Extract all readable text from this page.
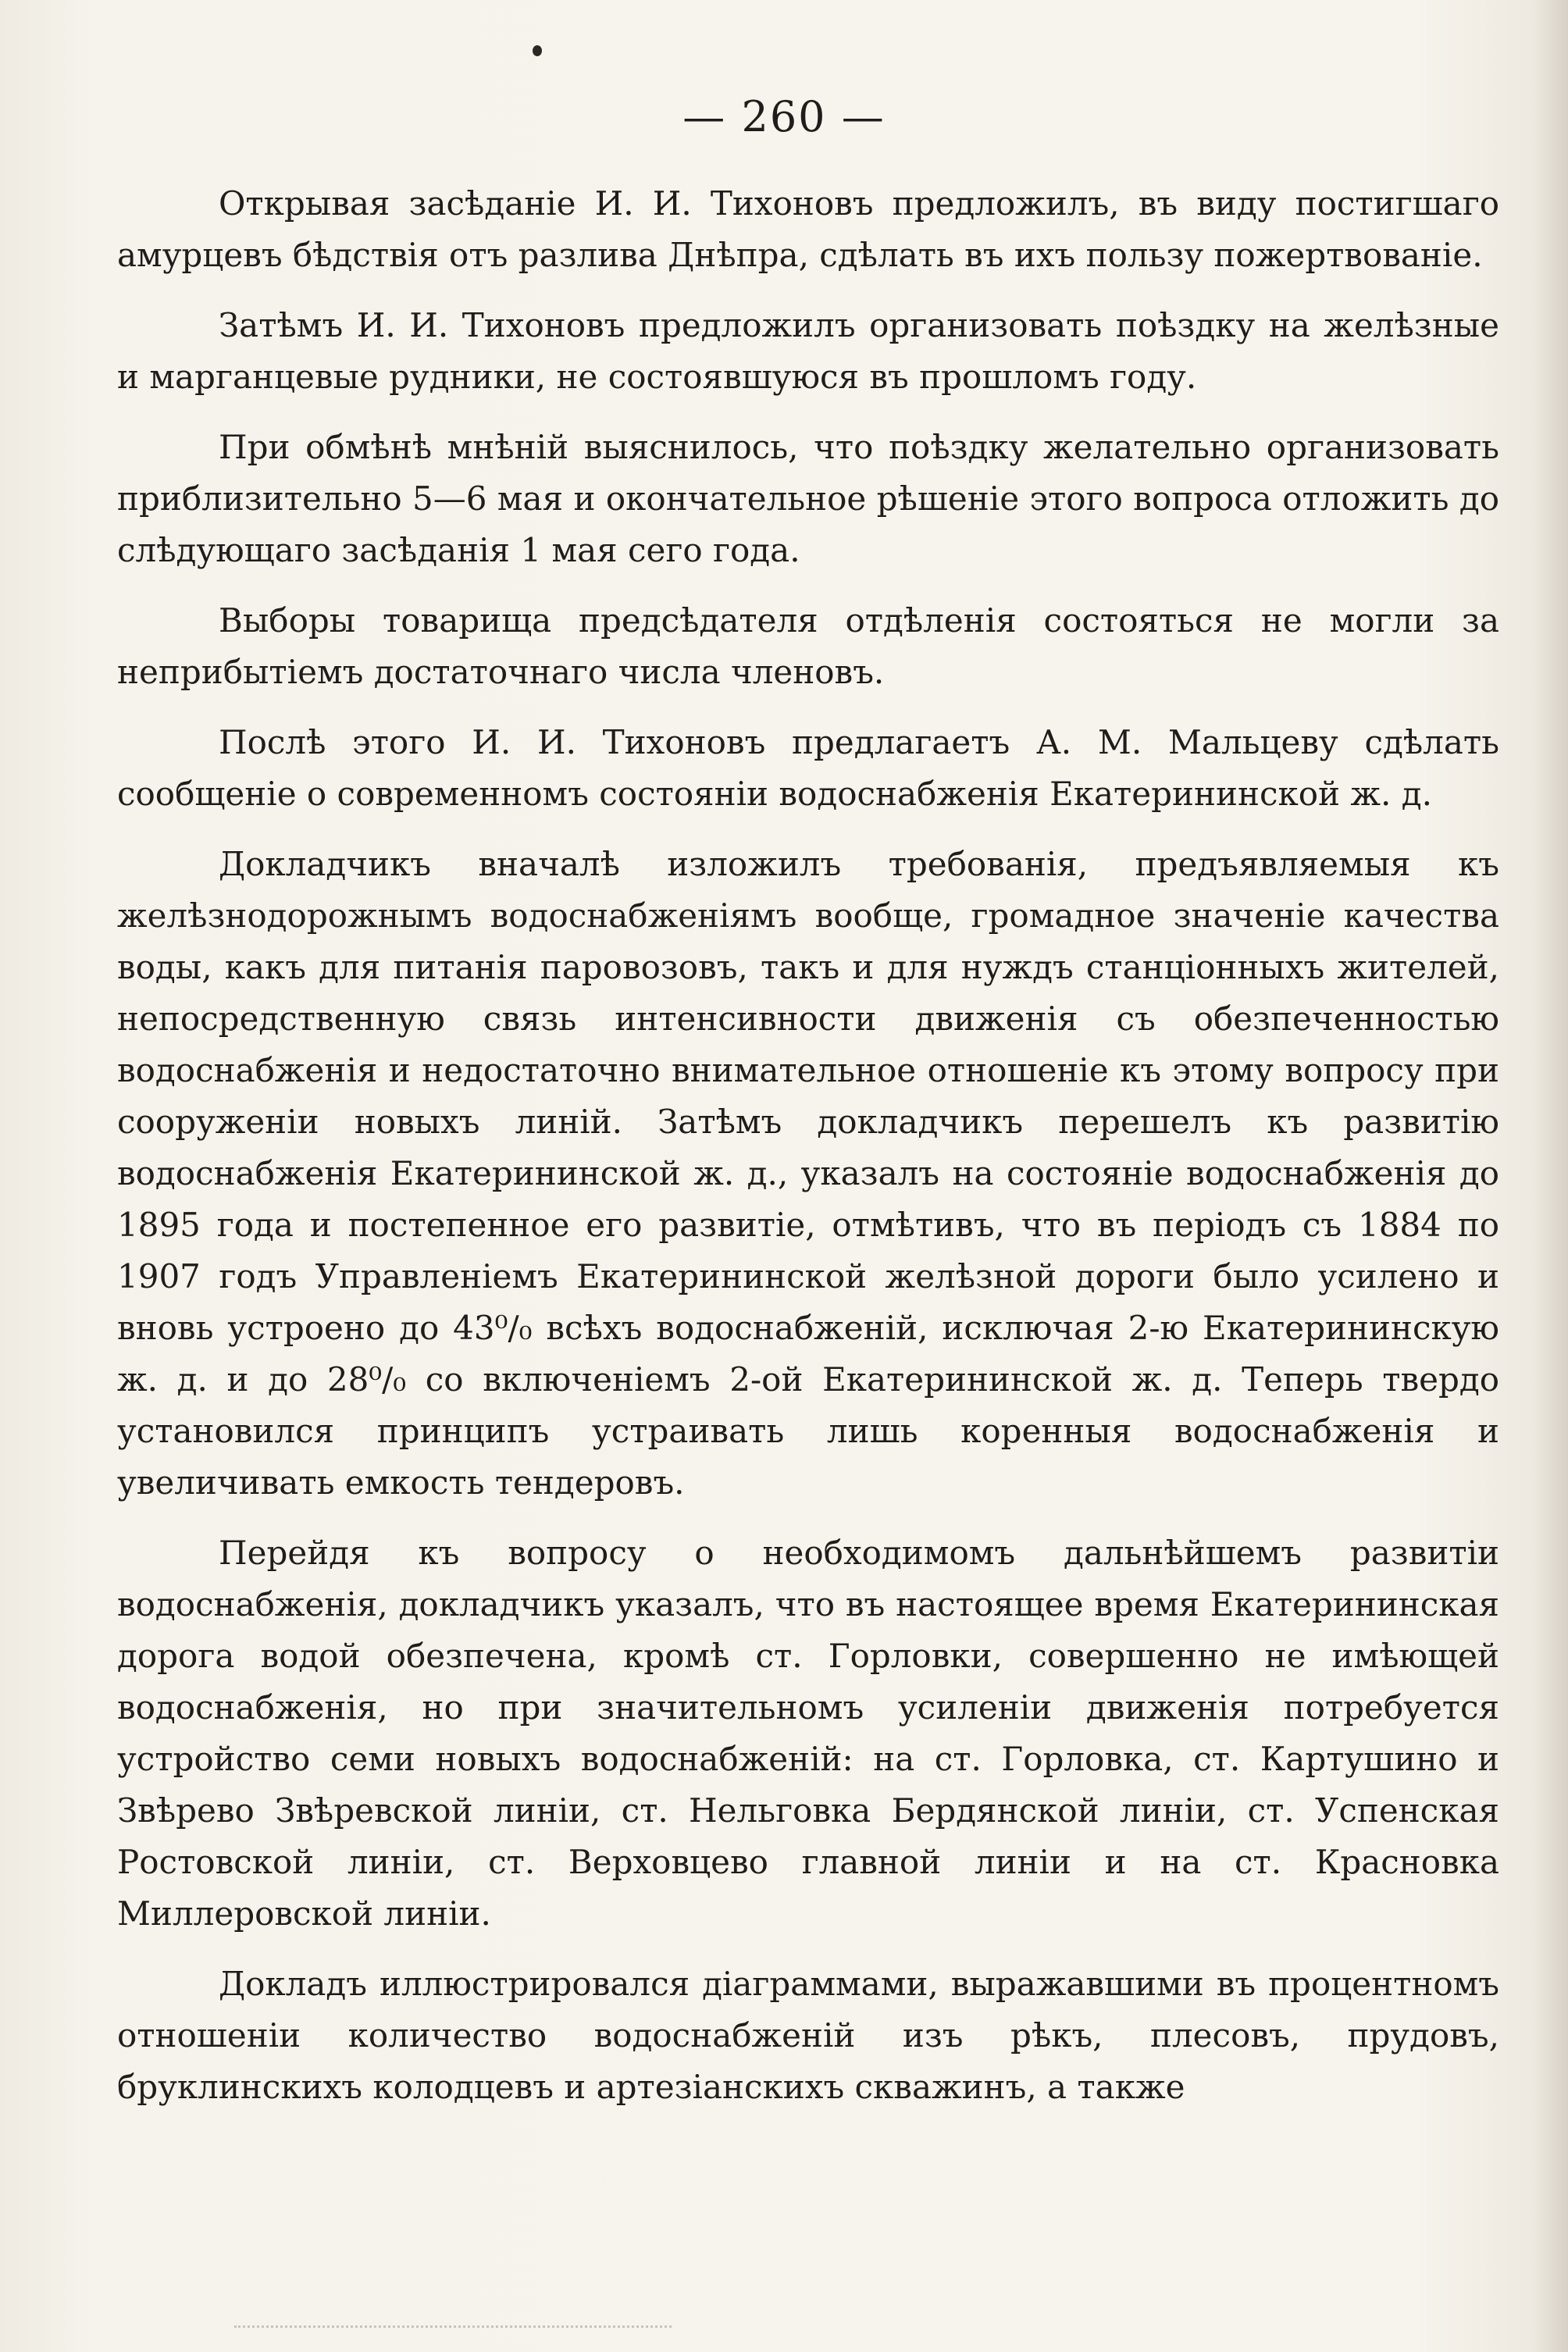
— 260 —

Открывая засѣданіе И. И. Тихоновъ предложилъ, въ виду постигшаго амурцевъ бѣдствія отъ разлива Днѣпра, сдѣлать въ ихъ пользу пожертвованіе.

Затѣмъ И. И. Тихоновъ предложилъ организовать поѣздку на желѣзные и марганцевые рудники, не состоявшуюся въ прошломъ году.

При обмѣнѣ мнѣній выяснилось, что поѣздку желательно организовать приблизительно 5—6 мая и окончательное рѣшеніе этого вопроса отложить до слѣдующаго засѣданія 1 мая сего года.

Выборы товарища предсѣдателя отдѣленія состояться не могли за неприбытіемъ достаточнаго числа членовъ.

Послѣ этого И. И. Тихоновъ предлагаетъ А. М. Мальцеву сдѣлать сообщеніе о современномъ состояніи водоснабженія Екатерининской ж. д.

Докладчикъ вначалѣ изложилъ требованія, предъявляемыя къ желѣзнодорожнымъ водоснабженіямъ вообще, громадное значеніе качества воды, какъ для питанія паровозовъ, такъ и для нуждъ станціонныхъ жителей, непосредственную связь интенсивности движенія съ обезпеченностью водоснабженія и недостаточно внимательное отношеніе къ этому вопросу при сооруженіи новыхъ линій. Затѣмъ докладчикъ перешелъ къ развитію водоснабженія Екатерининской ж. д., указалъ на состояніе водоснабженія до 1895 года и постепенное его развитіе, отмѣтивъ, что въ періодъ съ 1884 по 1907 годъ Управленіемъ Екатерининской желѣзной дороги было усилено и вновь устроено до 43⁰/₀ всѣхъ водоснабженій, исключая 2-ю Екатерининскую ж. д. и до 28⁰/₀ со включеніемъ 2-ой Екатерининской ж. д. Теперь твердо установился принципъ устраивать лишь коренныя водоснабженія и увеличивать емкость тендеровъ.

Перейдя къ вопросу о необходимомъ дальнѣйшемъ развитіи водоснабженія, докладчикъ указалъ, что въ настоящее время Екатерининская дорога водой обезпечена, кромѣ ст. Горловки, совершенно не имѣющей водоснабженія, но при значительномъ усиленіи движенія потребуется устройство семи новыхъ водоснабженій: на ст. Горловка, ст. Картушино и Звѣрево Звѣревской линіи, ст. Нельговка Бердянской линіи, ст. Успенская Ростовской линіи, ст. Верховцево главной линіи и на ст. Красновка Миллеровской линіи.

Докладъ иллюстрировался діаграммами, выражавшими въ процентномъ отношеніи количество водоснабженій изъ рѣкъ, плесовъ, прудовъ, бруклинскихъ колодцевъ и артезіанскихъ скважинъ, а также
